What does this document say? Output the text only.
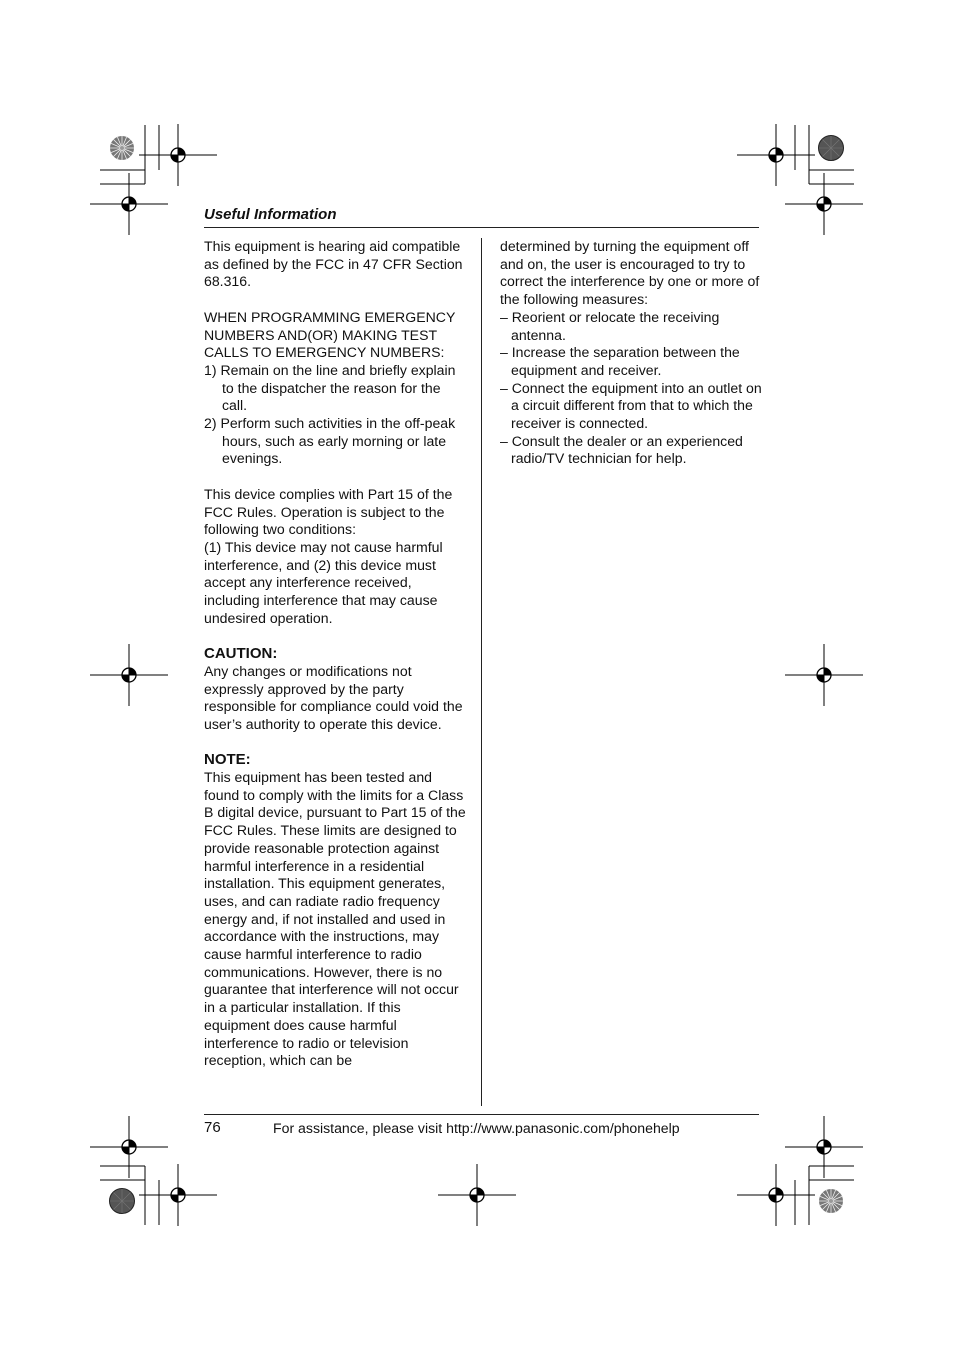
Useful Information

This equipment is hearing aid compatible as defined by the FCC in 47 CFR Section 68.316.

WHEN PROGRAMMING EMERGENCY NUMBERS AND(OR) MAKING TEST CALLS TO EMERGENCY NUMBERS:

1) Remain on the line and briefly explain to the dispatcher the reason for the call.

2) Perform such activities in the off-peak hours, such as early morning or late evenings.

This device complies with Part 15 of the FCC Rules. Operation is subject to the following two conditions:

(1) This device may not cause harmful interference, and (2) this device must accept any interference received, including interference that may cause undesired operation.

CAUTION:

Any changes or modifications not expressly approved by the party responsible for compliance could void the user’s authority to operate this device.

NOTE:

This equipment has been tested and found to comply with the limits for a Class B digital device, pursuant to Part 15 of the FCC Rules. These limits are designed to provide reasonable protection against harmful interference in a residential installation. This equipment generates, uses, and can radiate radio frequency energy and, if not installed and used in accordance with the instructions, may cause harmful interference to radio communications. However, there is no guarantee that interference will not occur in a particular installation. If this equipment does cause harmful interference to radio or television reception, which can be

determined by turning the equipment off and on, the user is encouraged to try to correct the interference by one or more of the following measures:

– Reorient or relocate the receiving antenna.

– Increase the separation between the equipment and receiver.

– Connect the equipment into an outlet on a circuit different from that to which the receiver is connected.

– Consult the dealer or an experienced radio/TV technician for help.

76	For assistance, please visit http://www.panasonic.com/phonehelp
